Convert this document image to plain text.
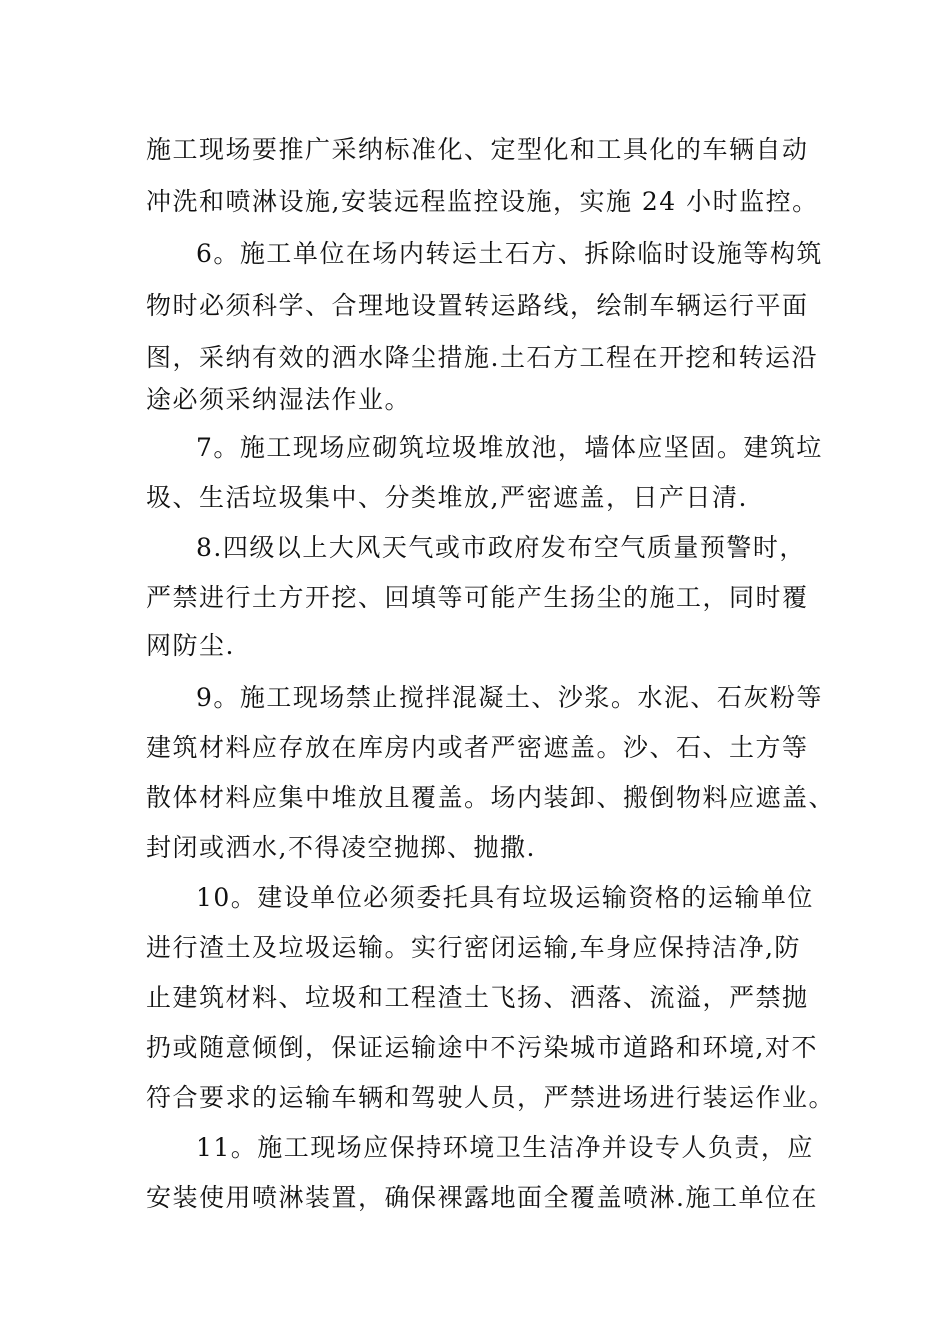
施工现场要推广采纳标准化、定型化和工具化的车辆自动
冲洗和喷淋设施,安装远程监控设施，实施 24 小时监控。
6。施工单位在场内转运土石方、拆除临时设施等构筑
物时必须科学、合理地设置转运路线，绘制车辆运行平面
图，采纳有效的洒水降尘措施.土石方工程在开挖和转运沿
途必须采纳湿法作业。
7。施工现场应砌筑垃圾堆放池，墙体应坚固。建筑垃
圾、生活垃圾集中、分类堆放,严密遮盖，日产日清.
8.四级以上大风天气或市政府发布空气质量预警时，
严禁进行土方开挖、回填等可能产生扬尘的施工，同时覆
网防尘.
9。施工现场禁止搅拌混凝土、沙浆。水泥、石灰粉等
建筑材料应存放在库房内或者严密遮盖。沙、石、土方等
散体材料应集中堆放且覆盖。场内装卸、搬倒物料应遮盖、
封闭或洒水,不得凌空抛掷、抛撒.
10。建设单位必须委托具有垃圾运输资格的运输单位
进行渣土及垃圾运输。实行密闭运输,车身应保持洁净,防
止建筑材料、垃圾和工程渣土飞扬、洒落、流溢，严禁抛
扔或随意倾倒，保证运输途中不污染城市道路和环境,对不
符合要求的运输车辆和驾驶人员，严禁进场进行装运作业。
11。施工现场应保持环境卫生洁净并设专人负责，应
安装使用喷淋装置，确保裸露地面全覆盖喷淋.施工单位在
